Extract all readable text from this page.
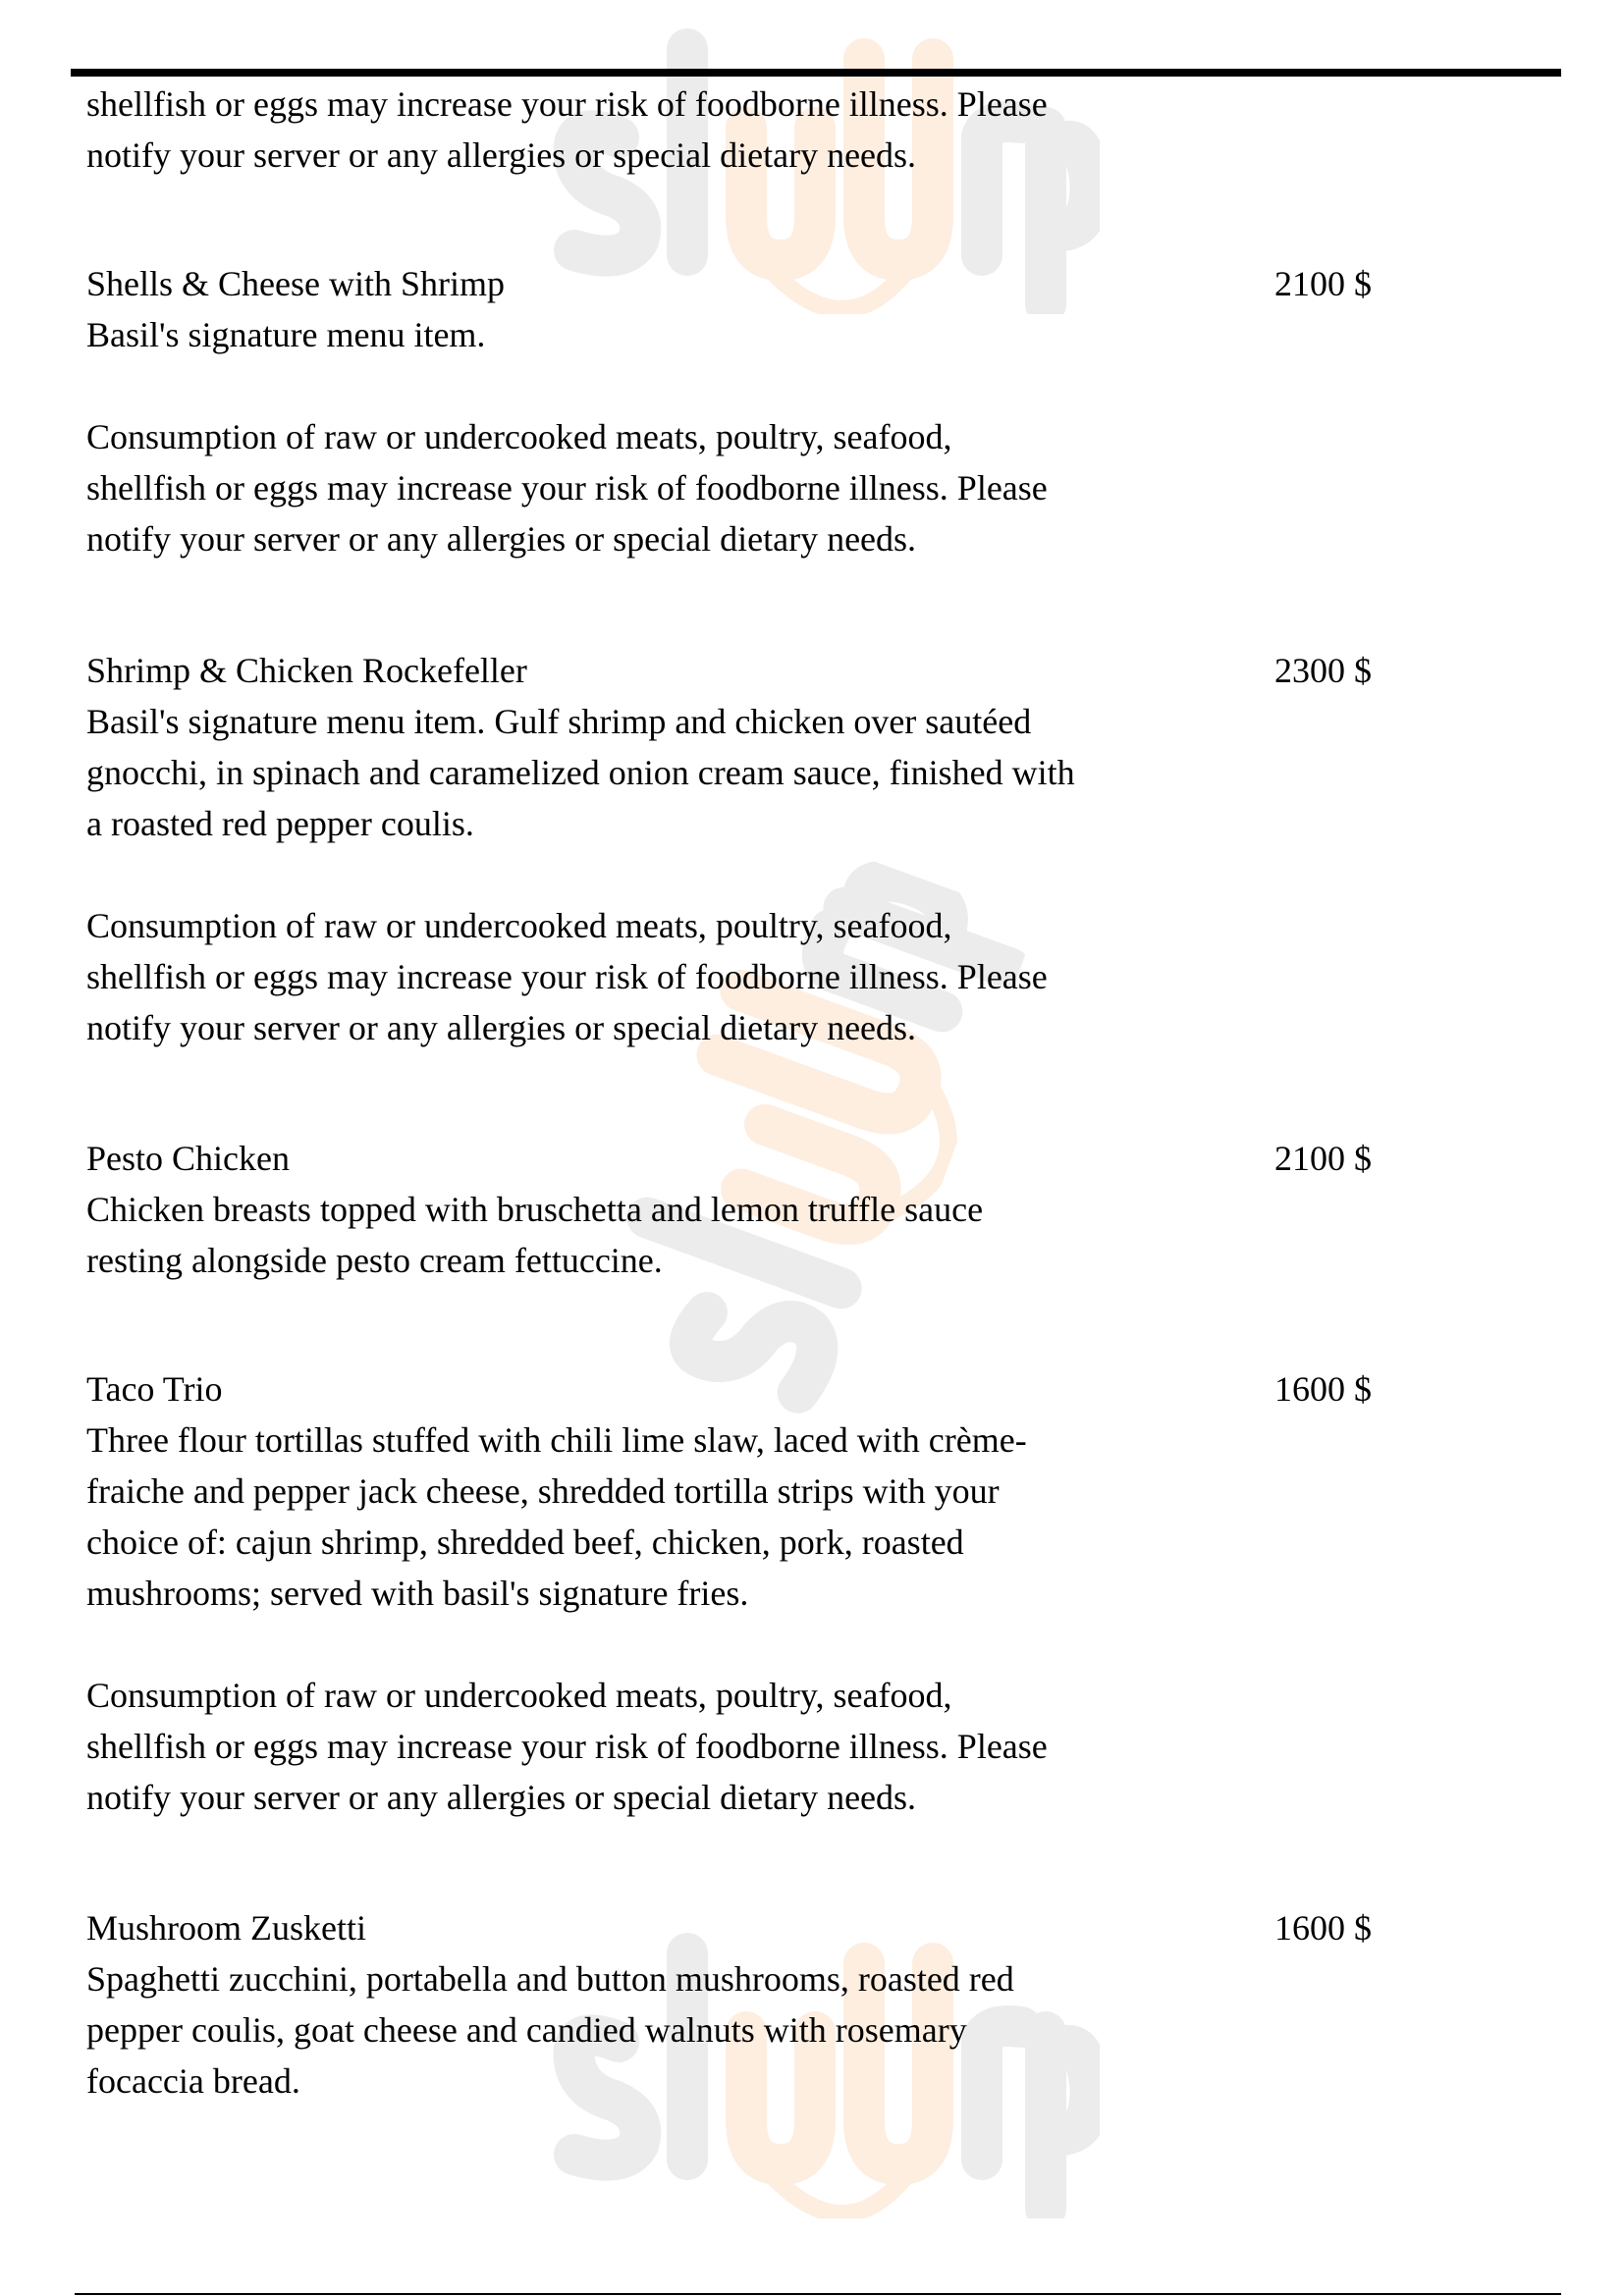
shellfish or eggs may increase your risk of foodborne illness. Please
notify your server or any allergies or special dietary needs.
Shells & Cheese with Shrimp
Basil's signature menu item.

Consumption of raw or undercooked meats, poultry, seafood,
shellfish or eggs may increase your risk of foodborne illness. Please
notify your server or any allergies or special dietary needs.
2100 $
Shrimp & Chicken Rockefeller
Basil's signature menu item. Gulf shrimp and chicken over sautéed
gnocchi, in spinach and caramelized onion cream sauce, finished with
a roasted red pepper coulis.

Consumption of raw or undercooked meats, poultry, seafood,
shellfish or eggs may increase your risk of foodborne illness. Please
notify your server or any allergies or special dietary needs.
2300 $
Pesto Chicken
Chicken breasts topped with bruschetta and lemon truffle sauce
resting alongside pesto cream fettuccine.
2100 $
Taco Trio
Three flour tortillas stuffed with chili lime slaw, laced with crème-
fraiche and pepper jack cheese, shredded tortilla strips with your
choice of: cajun shrimp, shredded beef, chicken, pork, roasted
mushrooms; served with basil's signature fries.

Consumption of raw or undercooked meats, poultry, seafood,
shellfish or eggs may increase your risk of foodborne illness. Please
notify your server or any allergies or special dietary needs.
1600 $
Mushroom Zusketti
Spaghetti zucchini, portabella and button mushrooms, roasted red
pepper coulis, goat cheese and candied walnuts with rosemary
focaccia bread.
1600 $
